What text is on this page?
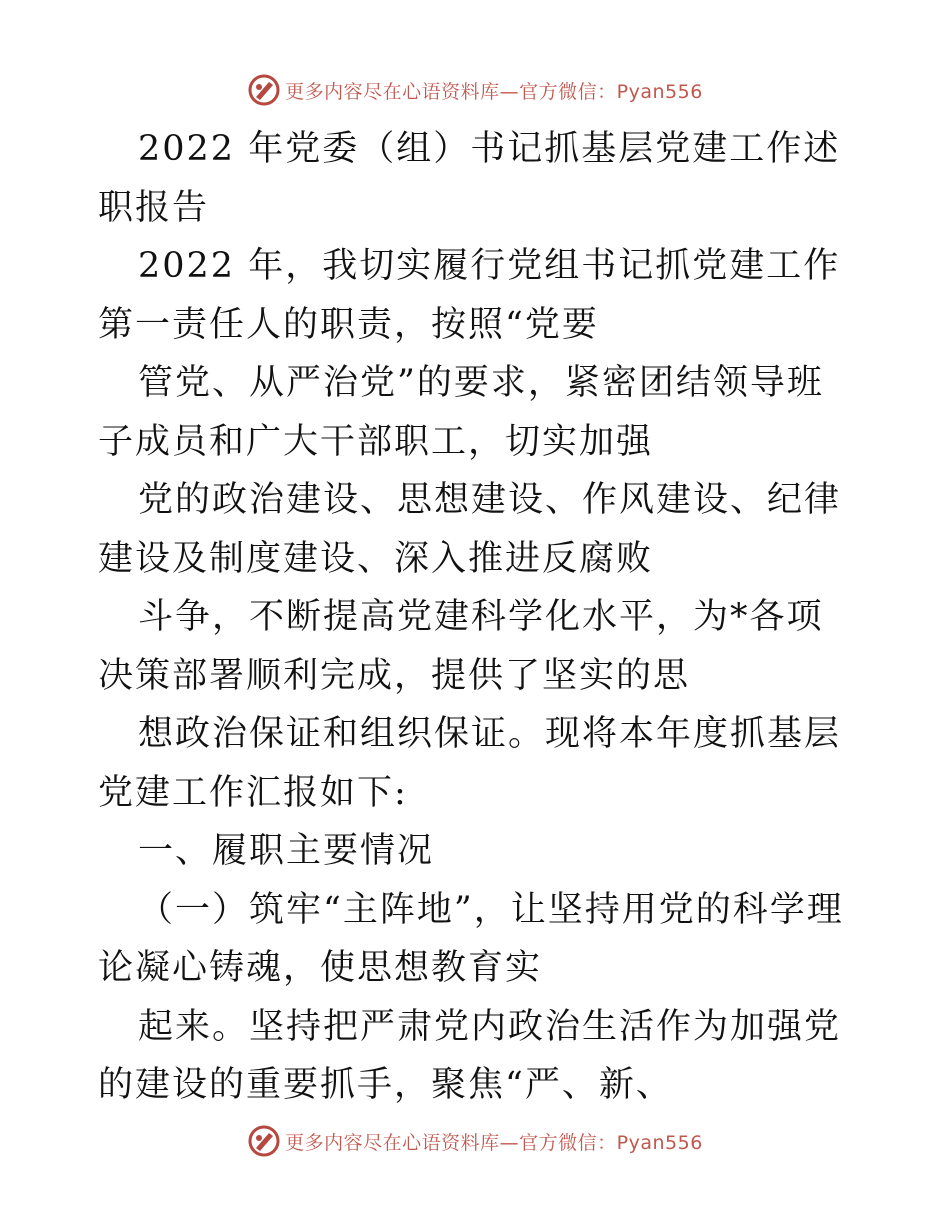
更多内容尽在心语资料库—官方微信：Pyan556

2022 年党委（组）书记抓基层党建工作述职报告

2022 年，我切实履行党组书记抓党建工作第一责任人的职责，按照“党要

管党、从严治党”的要求，紧密团结领导班子成员和广大干部职工，切实加强

党的政治建设、思想建设、作风建设、纪律建设及制度建设、深入推进反腐败

斗争，不断提高党建科学化水平，为*各项决策部署顺利完成，提供了坚实的思

想政治保证和组织保证。现将本年度抓基层党建工作汇报如下:

一、履职主要情况

（一）筑牢“主阵地”，让坚持用党的科学理论凝心铸魂，使思想教育实

起来。坚持把严肃党内政治生活作为加强党的建设的重要抓手，聚焦“严、新、

更多内容尽在心语资料库—官方微信：Pyan556
